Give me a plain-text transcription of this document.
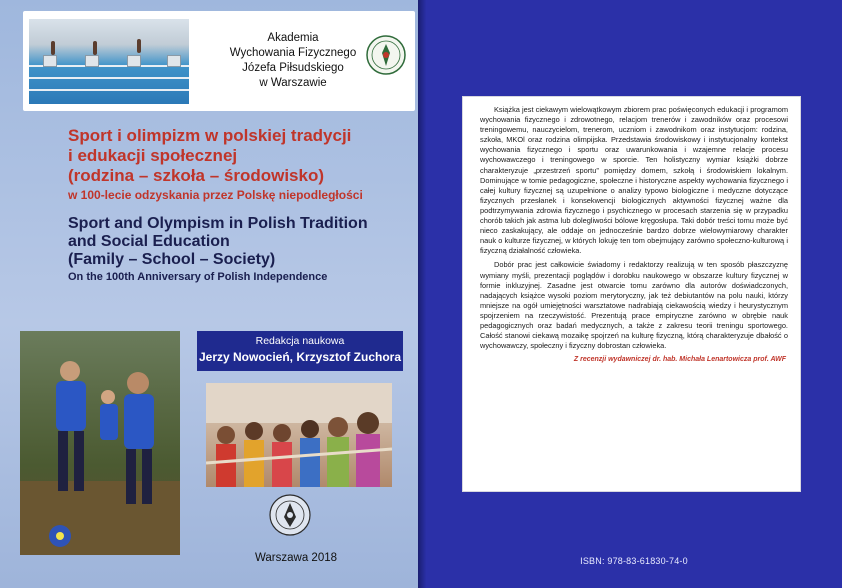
Akademia
Wychowania Fizycznego
Józefa Piłsudskiego
w Warszawie
Sport i olimpizm w polskiej tradycji
i edukacji społecznej
(rodzina – szkoła – środowisko)
w 100-lecie odzyskania przez Polskę niepodległości
Sport and Olympism in Polish Tradition
and Social Education
(Family – School – Society)
On the 100th Anniversary of Polish Independence
Redakcja naukowa
Jerzy Nowocień, Krzysztof Zuchora
Warszawa 2018

Książka jest ciekawym wielowątkowym zbiorem prac poświęconych edukacji i programom wychowania fizycznego i zdrowotnego, relacjom trenerów i zawodników oraz procesowi treningowemu, nauczycielom, trenerom, uczniom i zawodnikom oraz instytucjom: rodzina, szkoła, MKOl oraz rodzina olimpijska. Przedstawia środowiskowy i instytucjonalny kontekst wychowania fizycznego i sportu oraz uwarunkowania i wzajemne relacje procesu wychowawczego i treningowego w sporcie. Ten holistyczny wymiar książki dobrze charakteryzuje „przestrzeń sportu” pomiędzy domem, szkołą i środowiskiem lokalnym. Dominujące w tomie pedagogiczne, społeczne i historyczne aspekty wychowania fizycznego i całej kultury fizycznej są uzupełnione o analizy typowo biologiczne i medyczne dotyczące fizycznych przesłanek i konsekwencji biologicznych aktywności fizycznej ważne dla podtrzymywania zdrowia fizycznego i psychicznego w procesach starzenia się w przypadku chorób takich jak astma lub dolegliwości bólowe kręgosłupa. Taki dobór treści tomu może być nieco zaskakujący, ale oddaje on jednocześnie bardzo dobrze wielowymiarowy charakter nauk o kulturze fizycznej, w których lokuję ten tom obejmujący zarówno społeczno-kulturową i fizyczną działalność człowieka.

Dobór prac jest całkowicie świadomy i redaktorzy realizują w ten sposób płaszczyznę wymiany myśli, prezentacji poglądów i dorobku naukowego w obszarze kultury fizycznej w formie inkluzyjnej. Zasadne jest otwarcie tomu zarówno dla autorów doświadczonych, nadających książce wysoki poziom merytoryczny, jak też debiutantów na polu nauki, którzy mniejsze na ogół umiejętności warsztatowe nadrabiają ciekawością wiedzy i heurystycznym spojrzeniem na rzeczywistość. Prezentują prace empiryczne zarówno w obrębie nauk pedagogicznych oraz badań medycznych, a także z zakresu teorii treningu sportowego. Całość stanowi ciekawą mozaikę spojrzeń na kulturę fizyczną, którą charakteryzuje dbałość o wychowawczy, społeczny i fizyczny dobrostan człowieka.

Z recenzji wydawniczej dr. hab. Michała Lenartowicza prof. AWF
ISBN: 978-83-61830-74-0
